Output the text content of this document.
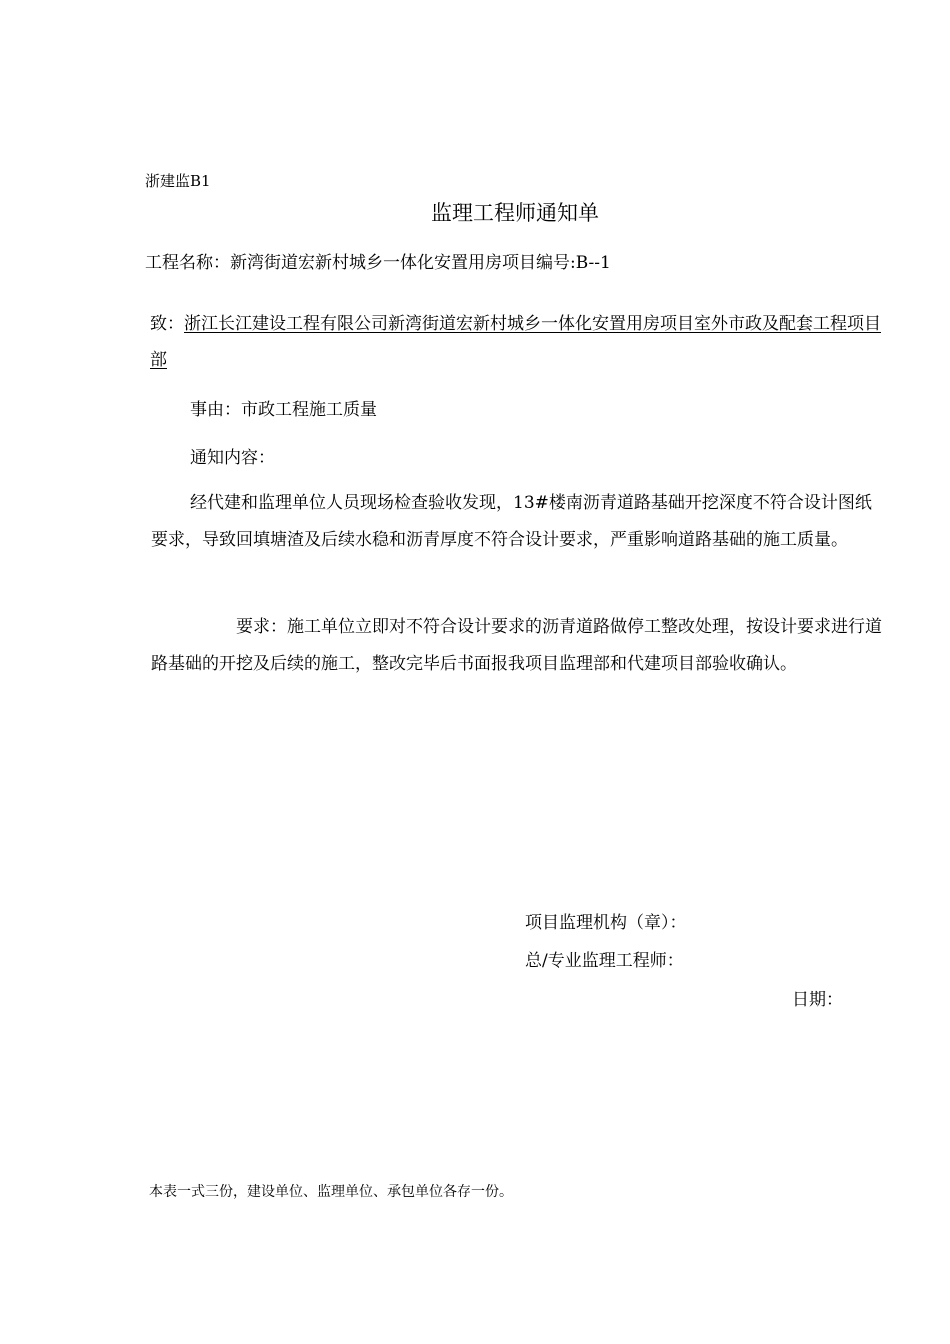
浙建监B1
监理工程师通知单
工程名称：新湾街道宏新村城乡一体化安置用房项目编号:B--1
致：浙江长江建设工程有限公司新湾街道宏新村城乡一体化安置用房项目室外市政及配套工程项目部
事由：市政工程施工质量
通知内容：
经代建和监理单位人员现场检查验收发现，13#楼南沥青道路基础开挖深度不符合设计图纸要求，导致回填塘渣及后续水稳和沥青厚度不符合设计要求，严重影响道路基础的施工质量。
要求：施工单位立即对不符合设计要求的沥青道路做停工整改处理，按设计要求进行道路基础的开挖及后续的施工，整改完毕后书面报我项目监理部和代建项目部验收确认。
项目监理机构（章）：
总/专业监理工程师：
日期：
本表一式三份，建设单位、监理单位、承包单位各存一份。
